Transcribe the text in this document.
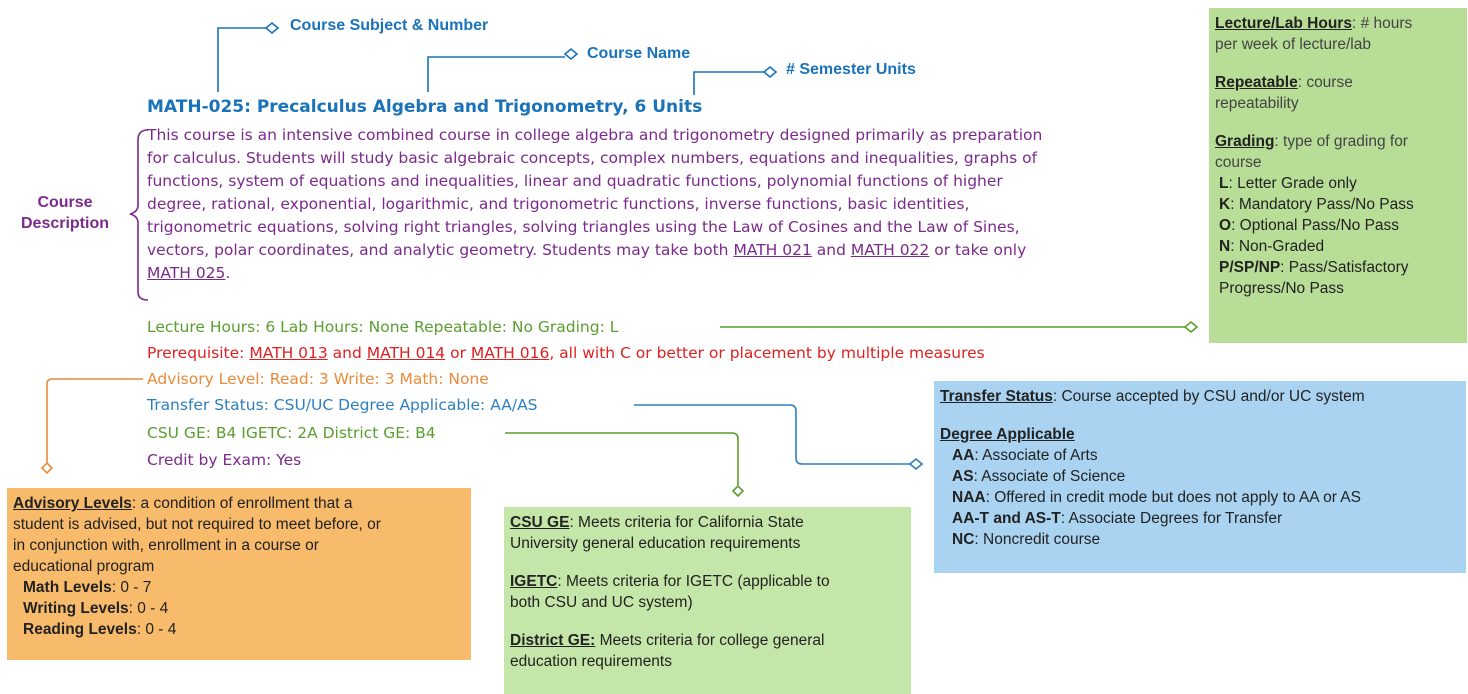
Course Subject & Number
Course Name
# Semester Units
Course
Description
MATH-025: Precalculus Algebra and Trigonometry, 6 Units
This course is an intensive combined course in college algebra and trigonometry designed primarily as preparation
for calculus. Students will study basic algebraic concepts, complex numbers, equations and inequalities, graphs of
functions, system of equations and inequalities, linear and quadratic functions, polynomial functions of higher
degree, rational, exponential, logarithmic, and trigonometric functions, inverse functions, basic identities,
trigonometric equations, solving right triangles, solving triangles using the Law of Cosines and the Law of Sines,
vectors, polar coordinates, and analytic geometry. Students may take both MATH 021 and MATH 022 or take only
MATH 025.
Lecture Hours: 6 Lab Hours: None Repeatable: No Grading: L
Prerequisite: MATH 013 and MATH 014 or MATH 016, all with C or better or placement by multiple measures
Advisory Level: Read: 3 Write: 3 Math: None
Transfer Status: CSU/UC Degree Applicable: AA/AS
CSU GE: B4 IGETC: 2A District GE: B4
Credit by Exam: Yes
Lecture/Lab Hours: # hours
per week of lecture/lab
Repeatable: course
repeatability
Grading: type of grading for
course
L: Letter Grade only
K: Mandatory Pass/No Pass
O: Optional Pass/No Pass
N: Non-Graded
P/SP/NP: Pass/Satisfactory
Progress/No Pass
Transfer Status: Course accepted by CSU and/or UC system
Degree Applicable
AA: Associate of Arts
AS: Associate of Science
NAA: Offered in credit mode but does not apply to AA or AS
AA-T and AS-T: Associate Degrees for Transfer
NC: Noncredit course
Advisory Levels: a condition of enrollment that a
student is advised, but not required to meet before, or
in conjunction with, enrollment in a course or
educational program
Math Levels: 0 - 7
Writing Levels: 0 - 4
Reading Levels: 0 - 4
CSU GE: Meets criteria for California State
University general education requirements
IGETC: Meets criteria for IGETC (applicable to
both CSU and UC system)
District GE: Meets criteria for college general
education requirements
